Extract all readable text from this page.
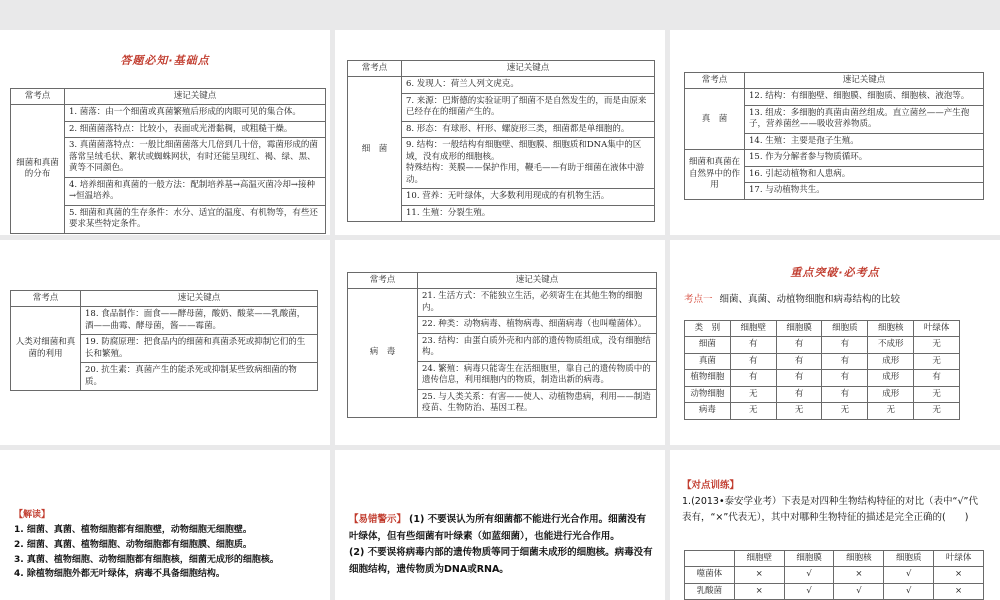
答题必知·基础点
常考点	速记关键点
细菌和真菌的分布	1. 菌落：由一个细菌或真菌繁殖后形成的肉眼可见的集合体。
	2. 细菌菌落特点：比较小，表面或光滑黏稠，或粗糙干燥。
	3. 真菌菌落特点：一般比细菌菌落大几倍到几十倍，霉菌形成的菌落常呈绒毛状、絮状或蜘蛛网状，有时还能呈现红、褐、绿、黑、黄等不同颜色。
	4. 培养细菌和真菌的一般方法：配制培养基→高温灭菌冷却→接种→恒温培养。
	5. 细菌和真菌的生存条件：水分、适宜的温度、有机物等，有些还要求某些特定条件。
常考点	速记关键点
细　菌	6. 发现人：荷兰人列文虎克。
	7. 来源：巴斯德的实验证明了细菌不是自然发生的，而是由原来已经存在的细菌产生的。
	8. 形态：有球形、杆形、螺旋形三类，细菌都是单细胞的。
	9. 结构：一般结构有细胞壁、细胞膜、细胞质和DNA集中的区域，没有成形的细胞核。
特殊结构：荚膜——保护作用，鞭毛——有助于细菌在液体中游动。
	10. 营养：无叶绿体，大多数利用现成的有机物生活。
	11. 生殖：分裂生殖。
常考点	速记关键点
真　菌	12. 结构：有细胞壁、细胞膜、细胞质、细胞核、液泡等。
	13. 组成：多细胞的真菌由菌丝组成。直立菌丝——产生孢子，营养菌丝——吸收营养物质。
	14. 生殖：主要是孢子生殖。
细菌和真菌在自然界中的作用	15. 作为分解者参与物质循环。
	16. 引起动植物和人患病。
	17. 与动植物共生。
常考点	速记关键点
人类对细菌和真菌的利用	18. 食品制作：面食——酵母菌，酸奶、酸菜——乳酸菌，酒——曲霉、酵母菌，酱——霉菌。
	19. 防腐原理：把食品内的细菌和真菌杀死或抑制它们的生长和繁殖。
	20. 抗生素：真菌产生的能杀死或抑制某些致病细菌的物质。
常考点	速记关键点
病　毒	21. 生活方式：不能独立生活，必须寄生在其他生物的细胞内。
	22. 种类：动物病毒、植物病毒、细菌病毒（也叫噬菌体）。
	23. 结构：由蛋白质外壳和内部的遗传物质组成，没有细胞结构。
	24. 繁殖：病毒只能寄生在活细胞里，靠自己的遗传物质中的遗传信息，利用细胞内的物质，制造出新的病毒。
	25. 与人类关系：有害——使人、动植物患病，利用——制造疫苗、生物防治、基因工程。
重点突破·必考点
考点一 细菌、真菌、动植物细胞和病毒结构的比较
类　别	细胞壁	细胞膜	细胞质	细胞核	叶绿体
细菌	有	有	有	不成形	无
真菌	有	有	有	成形	无
植物细胞	有	有	有	成形	有
动物细胞	无	有	有	成形	无
病毒	无	无	无	无	无
【解读】
1. 细菌、真菌、植物细胞都有细胞壁，动物细胞无细胞壁。
2. 细菌、真菌、植物细胞、动物细胞都有细胞膜、细胞质。
3. 真菌、植物细胞、动物细胞都有细胞核，细菌无成形的细胞核。
4. 除植物细胞外都无叶绿体，病毒不具备细胞结构。
【易错警示】 (1) 不要误认为所有细菌都不能进行光合作用。细菌没有叶绿体，但有些细菌有叶绿素（如蓝细菌），也能进行光合作用。
(2) 不要误将病毒内部的遗传物质等同于细菌未成形的细胞核。病毒没有细胞结构，遗传物质为DNA或RNA。
【对点训练】
1.(2013•泰安学业考）下表是对四种生物结构特征的对比（表中“√”代表有，“×”代表无），其中对哪种生物特征的描述是完全正确的(　　)
	细胞壁	细胞膜	细胞核	细胞质	叶绿体
噬菌体	×	√	×	√	×
乳酸菌	×	√	√	√	×
